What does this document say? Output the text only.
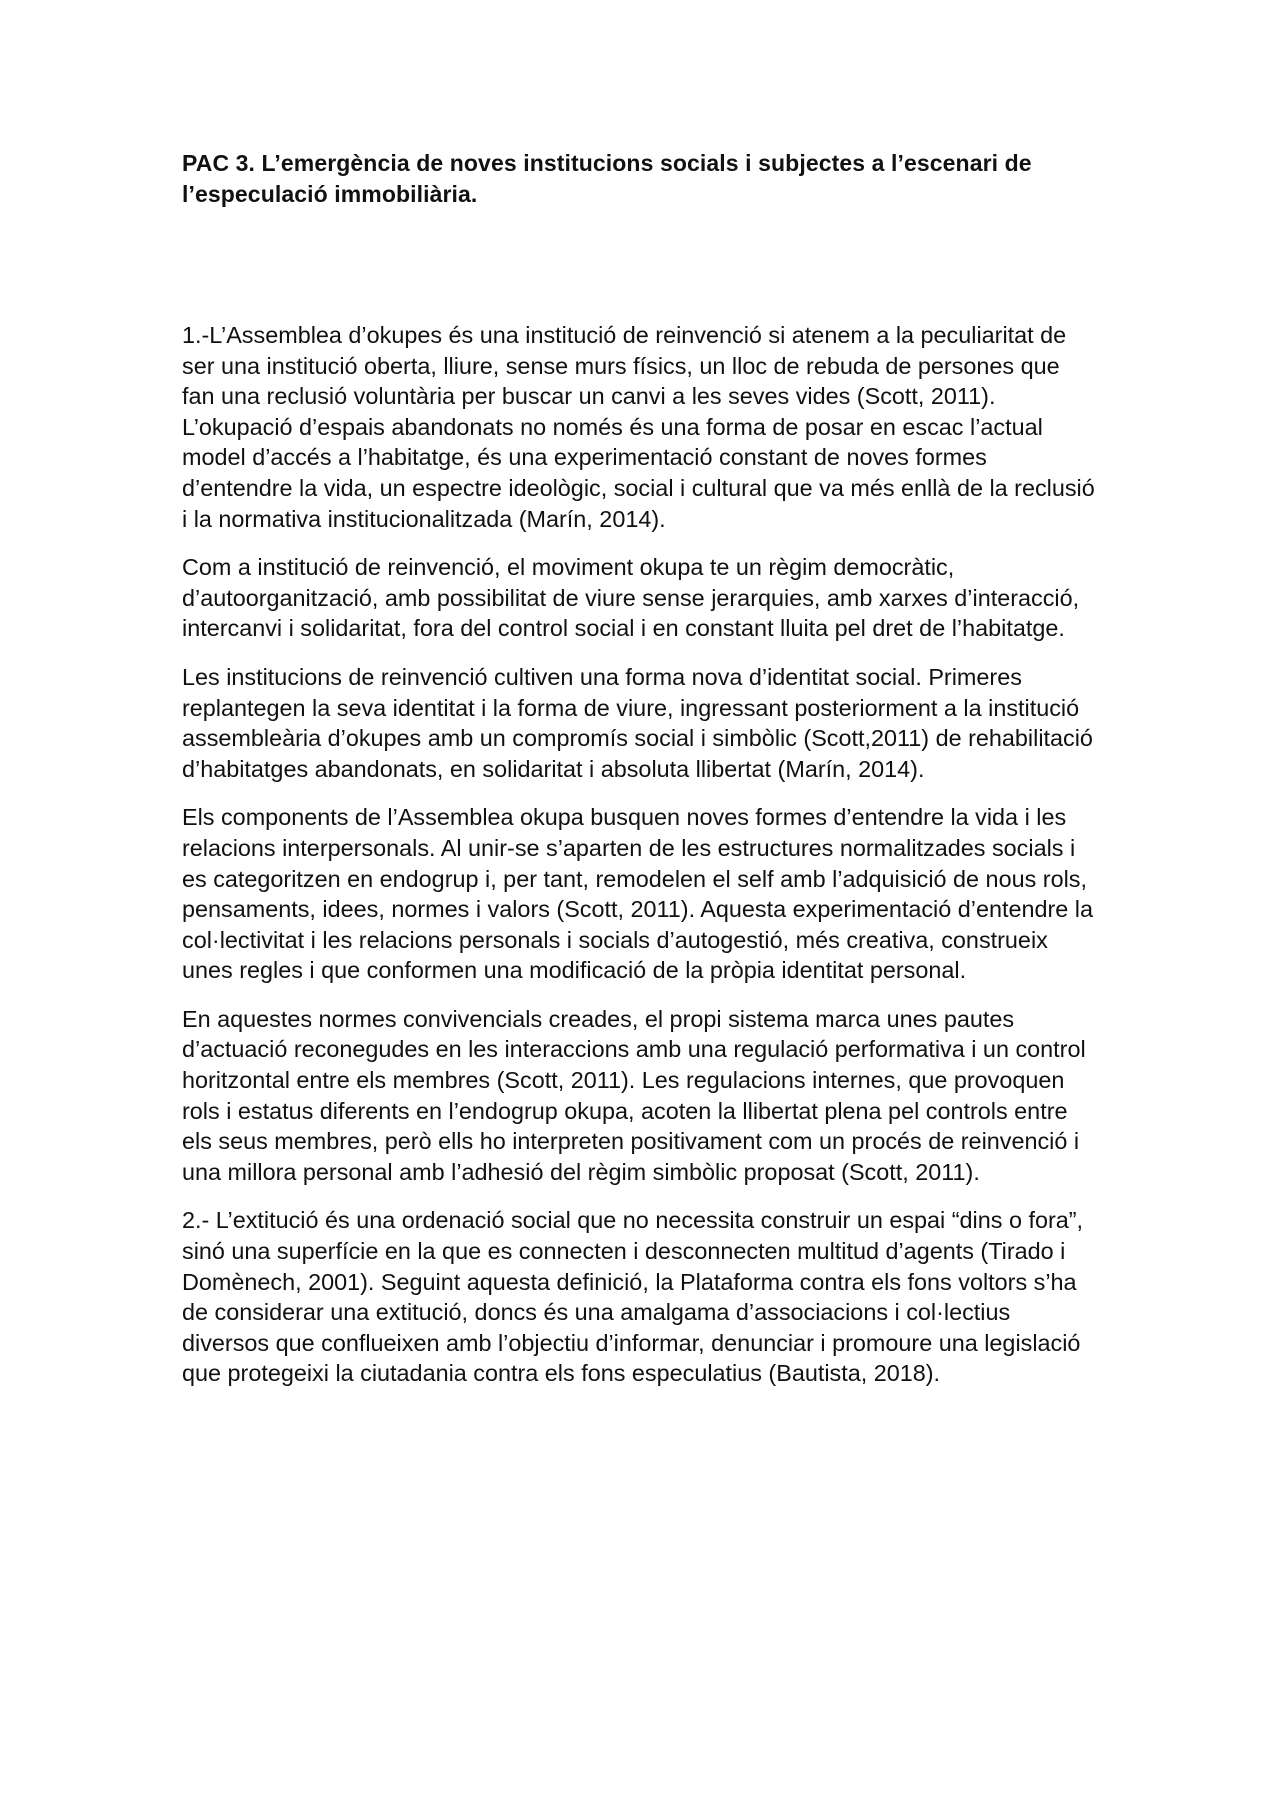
PAC 3. L’emergència de noves institucions socials i subjectes a l’escenari de l’especulació immobiliària.

1.-L’Assemblea d’okupes és una institució de reinvenció si atenem a la peculiaritat de ser una institució oberta, lliure, sense murs físics, un lloc de rebuda de persones que fan una reclusió voluntària per buscar un canvi a les seves vides (Scott, 2011). L’okupació d’espais abandonats no només és una forma de posar en escac l’actual model d’accés a l’habitatge, és una experimentació constant de noves formes d’entendre la vida, un espectre ideològic, social i cultural que va més enllà de la reclusió i la normativa institucionalitzada (Marín, 2014).

Com a institució de reinvenció, el moviment okupa te un règim democràtic, d’autoorganització, amb possibilitat de viure sense jerarquies, amb xarxes d’interacció, intercanvi i solidaritat, fora del control social i en constant lluita pel dret de l’habitatge.

Les institucions de reinvenció cultiven una forma nova d’identitat social. Primeres replantegen la seva identitat i la forma de viure, ingressant posteriorment a la institució assembleària d’okupes amb un compromís social i simbòlic (Scott,2011) de rehabilitació d’habitatges abandonats, en solidaritat i absoluta llibertat (Marín, 2014).

Els components de l’Assemblea okupa busquen noves formes d’entendre la vida i les relacions interpersonals. Al unir-se s’aparten de les estructures normalitzades socials i es categoritzen en endogrup i, per tant, remodelen el self amb l’adquisició de nous rols, pensaments, idees, normes i valors (Scott, 2011). Aquesta experimentació d’entendre la col·lectivitat i les relacions personals i socials d’autogestió, més creativa, construeix unes regles i que conformen una modificació de la pròpia identitat personal.

En aquestes normes convivencials creades, el propi sistema marca unes pautes d’actuació reconegudes en les interaccions amb una regulació performativa i un control horitzontal entre els membres (Scott, 2011). Les regulacions internes, que provoquen rols i estatus diferents en l’endogrup okupa, acoten la llibertat plena pel controls entre els seus membres, però ells ho interpreten positivament com un procés de reinvenció i una millora personal amb l’adhesió del règim simbòlic proposat (Scott, 2011).

2.- L’extitució és una ordenació social que no necessita construir un espai “dins o fora”, sinó una superfície en la que es connecten i desconnecten multitud d’agents (Tirado i Domènech, 2001). Seguint aquesta definició, la Plataforma contra els fons voltors s’ha de considerar una extitució, doncs és una amalgama d’associacions i col·lectius diversos que conflueixen amb l’objectiu d’informar, denunciar i promoure una legislació que protegeixi la ciutadania contra els fons especulatius (Bautista, 2018).
